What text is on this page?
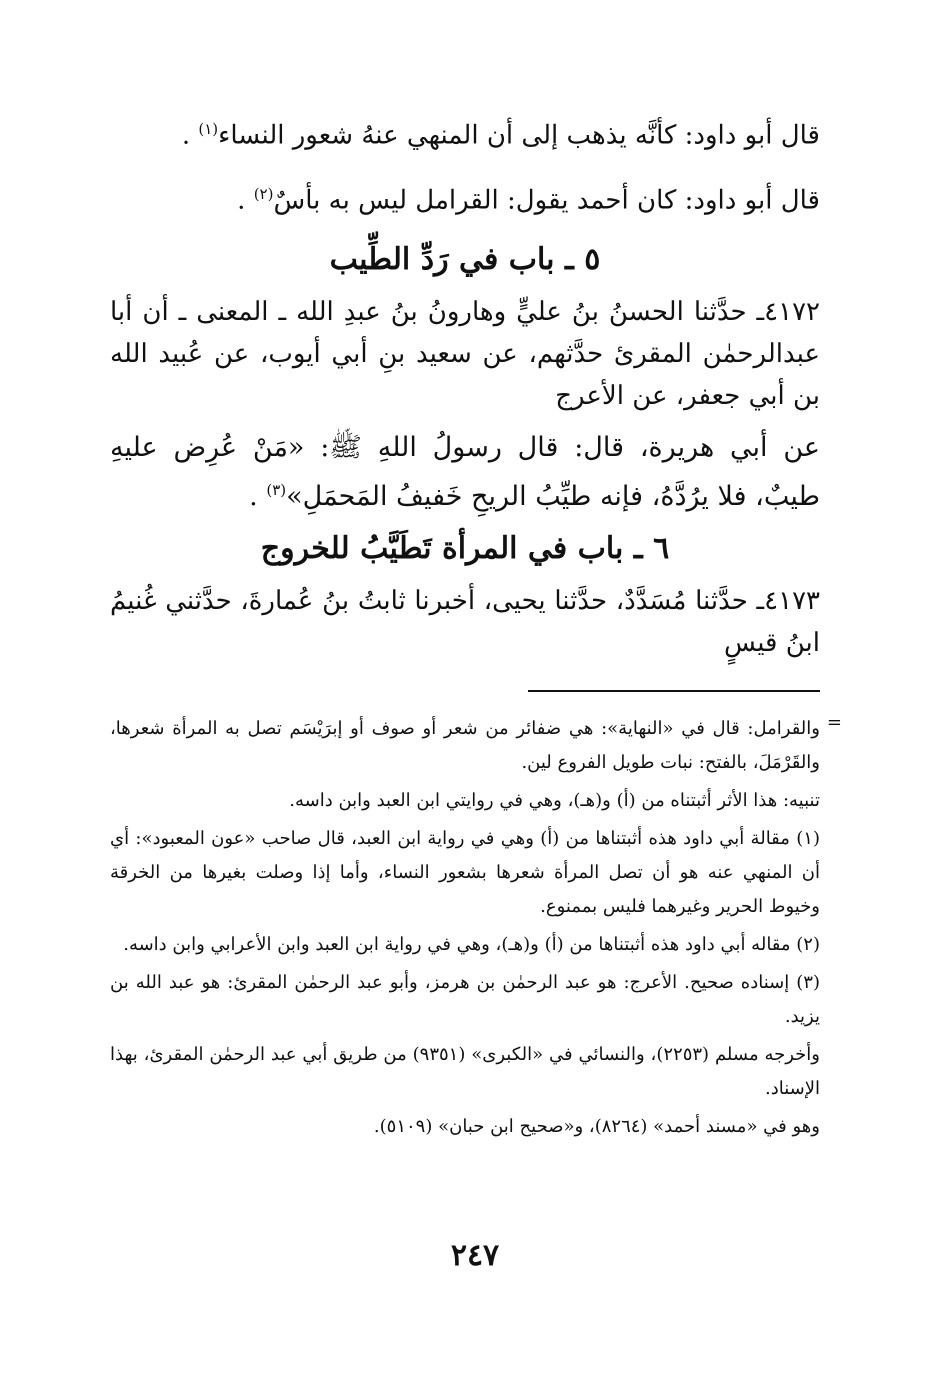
قال أبو داود: كأنَّه يذهب إلى أن المنهي عنهُ شعور النساء$^{(١)}$ .
قال أبو داود: كان أحمد يقول: القرامل ليس به بأسٌ$^{(٢)}$ .
٥ ـ باب في رَدِّ الطِّيب
٤١٧٢ـ حدَّثنا الحسنُ بنُ عليٍّ وهارونُ بنُ عبدِ الله ـ المعنى ـ أن أبا عبدالرحمٰن المقرئ حدَّثهم، عن سعيد بنِ أبي أيوب، عن عُبيد الله بن أبي جعفر، عن الأعرج
عن أبي هريرة، قال: قال رسولُ اللهِ ﷺ: «مَنْ عُرِض عليهِ طيبٌ، فلا يرُدَّهُ، فإنه طيِّبُ الريحِ خَفيفُ المَحمَلِ»$^{(٣)}$ .
٦ ـ باب في المرأة تَطَيَّبُ للخروج
٤١٧٣ـ حدَّثنا مُسَدَّدٌ، حدَّثنا يحيى، أخبرنا ثابتُ بنُ عُمارةَ، حدَّثني غُنيمُ ابنُ قيسٍ
=

والقرامل: قال في «النهاية»: هي ضفائر من شعر أو صوف أو إبرَيْسَم تصل به المرأة شعرها، والقَرْمَلَ، بالفتح: نبات طويل الفروع لين.

تنبيه: هذا الأثر أثبتناه من (أ) و(هـ)، وهي في روايتي ابن العبد وابن داسه.

(١) مقالة أبي داود هذه أثبتناها من (أ) وهي في رواية ابن العبد، قال صاحب «عون المعبود»: أي أن المنهي عنه هو أن تصل المرأة شعرها بشعور النساء، وأما إذا وصلت بغيرها من الخرقة وخيوط الحرير وغيرهما فليس بممنوع.

(٢) مقاله أبي داود هذه أثبتناها من (أ) و(هـ)، وهي في رواية ابن العبد وابن الأعرابي وابن داسه.

(٣) إسناده صحيح. الأعرج: هو عبد الرحمٰن بن هرمز، وأبو عبد الرحمٰن المقرئ: هو عبد الله بن يزيد.

وأخرجه مسلم (٢٢٥٣)، والنسائي في «الكبرى» (٩٣٥١) من طريق أبي عبد الرحمٰن المقرئ، بهذا الإسناد.

وهو في «مسند أحمد» (٨٢٦٤)، و«صحيح ابن حبان» (٥١٠٩).

٢٤٧
